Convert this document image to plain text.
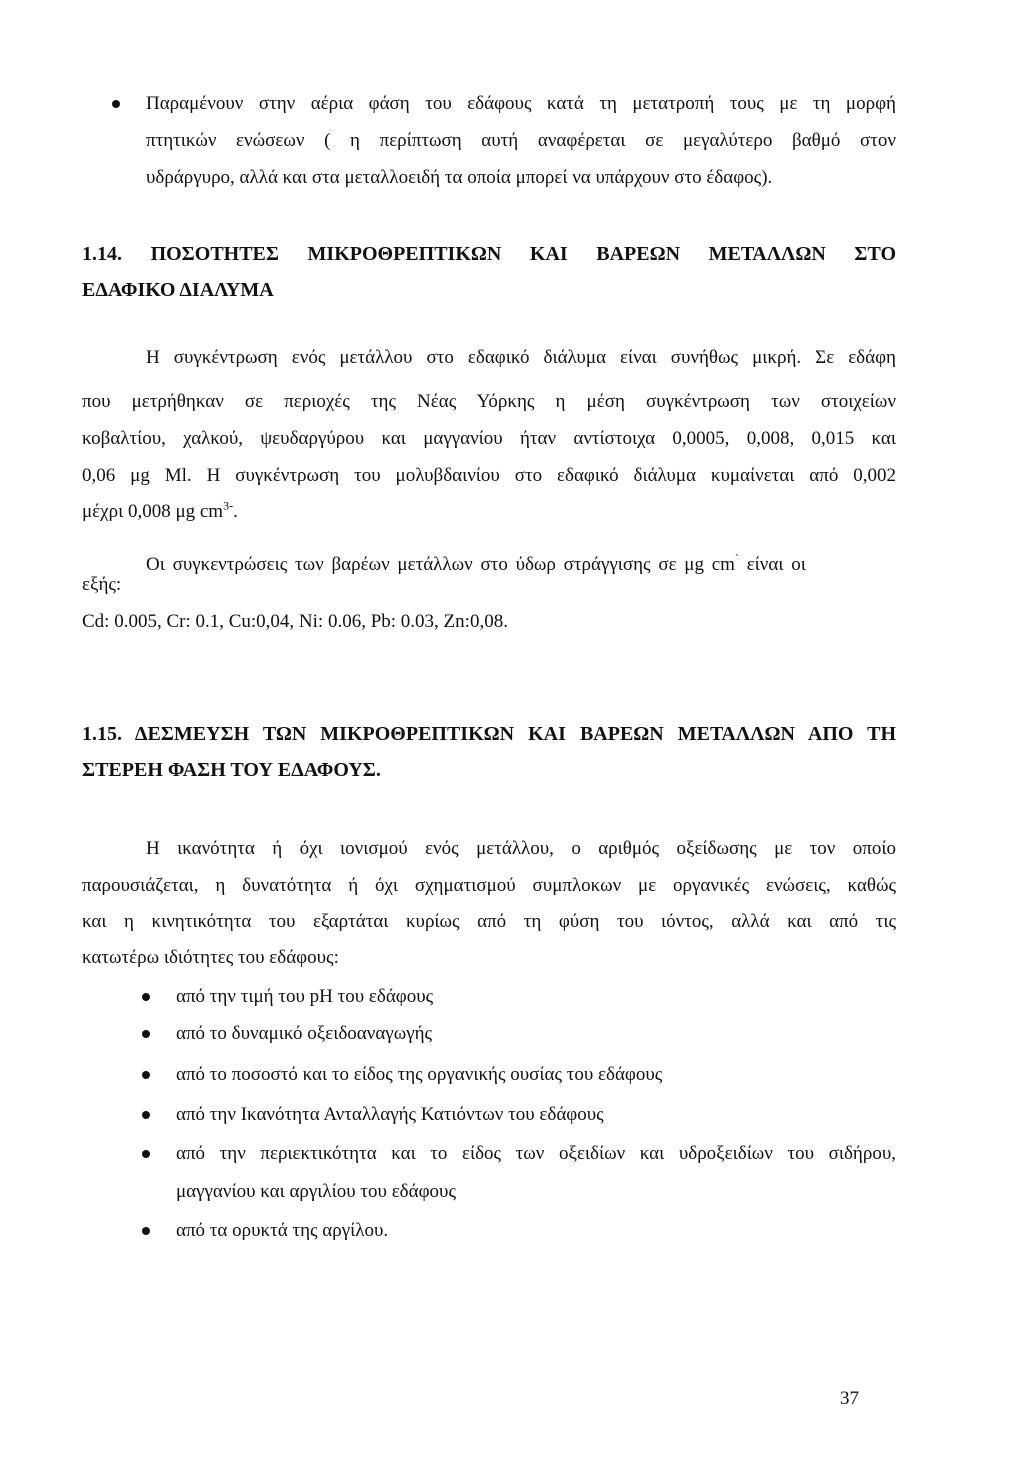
Παραμένουν στην αέρια φάση του εδάφους κατά τη μετατροπή τους με τη μορφή
πτητικών ενώσεων ( η περίπτωση αυτή αναφέρεται σε μεγαλύτερο βαθμό στον
υδράργυρο, αλλά και στα μεταλλοειδή τα οποία μπορεί να υπάρχουν στο έδαφος).
1.14. ΠΟΣΟΤΗΤΕΣ ΜΙΚΡΟΘΡΕΠΤΙΚΩΝ ΚΑΙ ΒΑΡΕΩΝ ΜΕΤΑΛΛΩΝ ΣΤΟ
ΕΔΑΦΙΚΟ ΔΙΑΛΥΜΑ
Η συγκέντρωση ενός μετάλλου στο εδαφικό διάλυμα είναι συνήθως μικρή. Σε εδάφη
που μετρήθηκαν σε περιοχές της Νέας Υόρκης η μέση συγκέντρωση των στοιχείων
κοβαλτίου, χαλκού, ψευδαργύρου και μαγγανίου ήταν αντίστοιχα 0,0005, 0,008, 0,015 και
0,06 μg Ml. Η συγκέντρωση του μολυβδαινίου στο εδαφικό διάλυμα κυμαίνεται από 0,002
μέχρι 0,008 μg $cm^{3-}$.
Οι συγκεντρώσεις των βαρέων μετάλλων στο ύδωρ στράγγισης σε μg cm` είναι οι
εξής:
Cd: 0.005, Cr: 0.1, Cu:0,04, Ni: 0.06, Pb: 0.03, Zn:0,08.
1.15. ΔΕΣΜΕΥΣΗ ΤΩΝ ΜΙΚΡΟΘΡΕΠΤΙΚΩΝ ΚΑΙ ΒΑΡΕΩΝ ΜΕΤΑΛΛΩΝ ΑΠΟ ΤΗ
ΣΤΕΡΕΗ ΦΑΣΗ ΤΟΥ ΕΔΑΦΟΥΣ.
Η ικανότητα ή όχι ιονισμού ενός μετάλλου, ο αριθμός οξείδωσης με τον οποίο
παρουσιάζεται, η δυνατότητα ή όχι σχηματισμού συμπλοκων με οργανικές ενώσεις, καθώς
και η κινητικότητα του εξαρτάται κυρίως από τη φύση του ιόντος, αλλά και από τις
κατωτέρω ιδιότητες του εδάφους:
από την τιμή του pH του εδάφους
από το δυναμικό οξειδοαναγωγής
από το ποσοστό και το είδος της οργανικής ουσίας του εδάφους
από την Ικανότητα Ανταλλαγής Κατιόντων του εδάφους
από την περιεκτικότητα και το είδος των οξειδίων και υδροξειδίων του σιδήρου,
μαγγανίου και αργιλίου του εδάφους
από τα ορυκτά της αργίλου.
37
